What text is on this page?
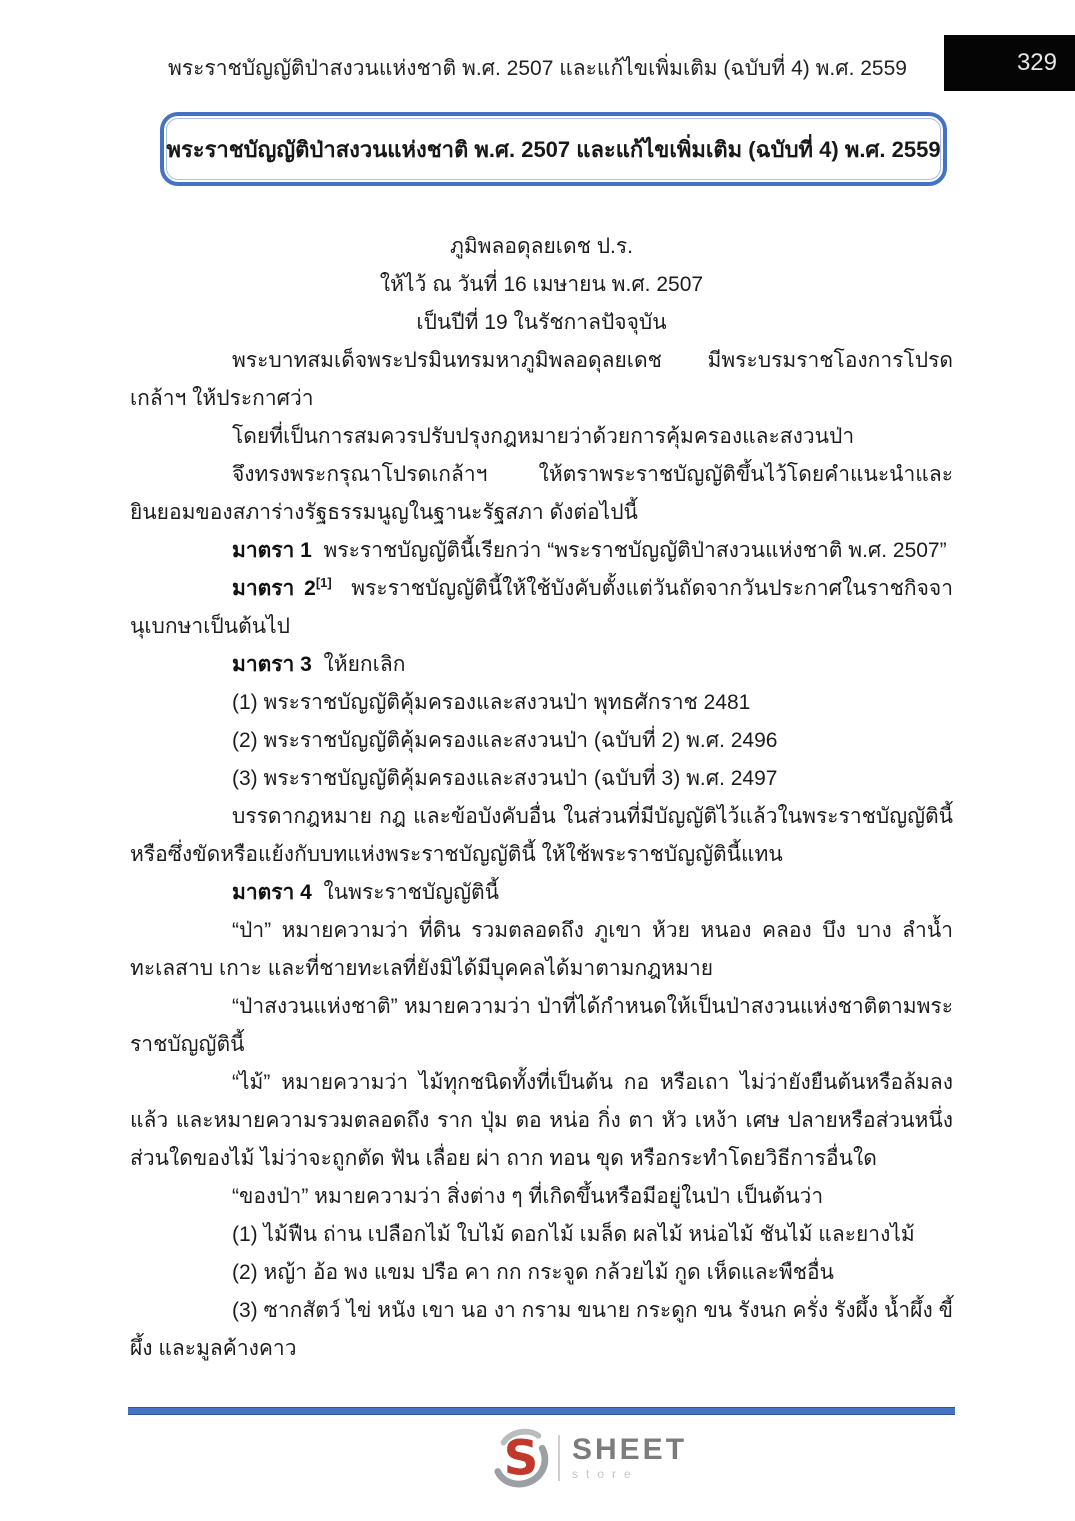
พระราชบัญญัติป่าสงวนแห่งชาติ พ.ศ. 2507 และแก้ไขเพิ่มเติม (ฉบับที่ 4) พ.ศ. 2559	329
พระราชบัญญัติป่าสงวนแห่งชาติ พ.ศ. 2507 และแก้ไขเพิ่มเติม (ฉบับที่ 4) พ.ศ. 2559

ภูมิพลอดุลยเดช ป.ร.

ให้ไว้ ณ วันที่ 16 เมษายน พ.ศ. 2507

เป็นปีที่ 19 ในรัชกาลปัจจุบัน

พระบาทสมเด็จพระปรมินทรมหาภูมิพลอดุลยเดช  มีพระบรมราชโองการโปรดเกล้าฯ ให้ประกาศว่า

โดยที่เป็นการสมควรปรับปรุงกฎหมายว่าด้วยการคุ้มครองและสงวนป่า

จึงทรงพระกรุณาโปรดเกล้าฯ ให้ตราพระราชบัญญัติขึ้นไว้โดยคำแนะนำและยินยอมของสภาร่างรัฐธรรมนูญในฐานะรัฐสภา ดังต่อไปนี้

มาตรา 1  พระราชบัญญัตินี้เรียกว่า “พระราชบัญญัติป่าสงวนแห่งชาติ พ.ศ. 2507”

มาตรา 2[1]  พระราชบัญญัตินี้ให้ใช้บังคับตั้งแต่วันถัดจากวันประกาศในราชกิจจานุเบกษาเป็นต้นไป

มาตรา 3  ให้ยกเลิก

(1) พระราชบัญญัติคุ้มครองและสงวนป่า พุทธศักราช 2481

(2) พระราชบัญญัติคุ้มครองและสงวนป่า (ฉบับที่ 2) พ.ศ. 2496

(3) พระราชบัญญัติคุ้มครองและสงวนป่า (ฉบับที่ 3) พ.ศ. 2497

บรรดากฎหมาย กฎ และข้อบังคับอื่น ในส่วนที่มีบัญญัติไว้แล้วในพระราชบัญญัตินี้ หรือซึ่งขัดหรือแย้งกับบทแห่งพระราชบัญญัตินี้ ให้ใช้พระราชบัญญัตินี้แทน

มาตรา 4  ในพระราชบัญญัตินี้

“ป่า” หมายความว่า ที่ดิน รวมตลอดถึง ภูเขา ห้วย หนอง คลอง บึง บาง ลำน้ำ ทะเลสาบ เกาะ และที่ชายทะเลที่ยังมิได้มีบุคคลได้มาตามกฎหมาย

“ป่าสงวนแห่งชาติ” หมายความว่า ป่าที่ได้กำหนดให้เป็นป่าสงวนแห่งชาติตามพระราชบัญญัตินี้

“ไม้” หมายความว่า ไม้ทุกชนิดทั้งที่เป็นต้น กอ หรือเถา ไม่ว่ายังยืนต้นหรือล้มลงแล้ว และหมายความรวมตลอดถึง ราก ปุ่ม ตอ หน่อ กิ่ง ตา หัว เหง้า เศษ ปลายหรือส่วนหนึ่งส่วนใดของไม้ ไม่ว่าจะถูกตัด ฟัน เลื่อย ผ่า ถาก ทอน ขุด หรือกระทำโดยวิธีการอื่นใด

“ของป่า” หมายความว่า สิ่งต่าง ๆ ที่เกิดขึ้นหรือมีอยู่ในป่า เป็นต้นว่า

(1) ไม้ฟืน ถ่าน เปลือกไม้ ใบไม้ ดอกไม้ เมล็ด ผลไม้ หน่อไม้ ชันไม้ และยางไม้

(2) หญ้า อ้อ พง แขม ปรือ คา กก กระจูด กล้วยไม้ กูด เห็ดและพืชอื่น

(3) ซากสัตว์ ไข่ หนัง เขา นอ งา กราม ขนาย กระดูก ขน รังนก ครั่ง รังผึ้ง น้ำผึ้ง ขี้ผึ้ง และมูลค้างคาว

S SHEET
store
